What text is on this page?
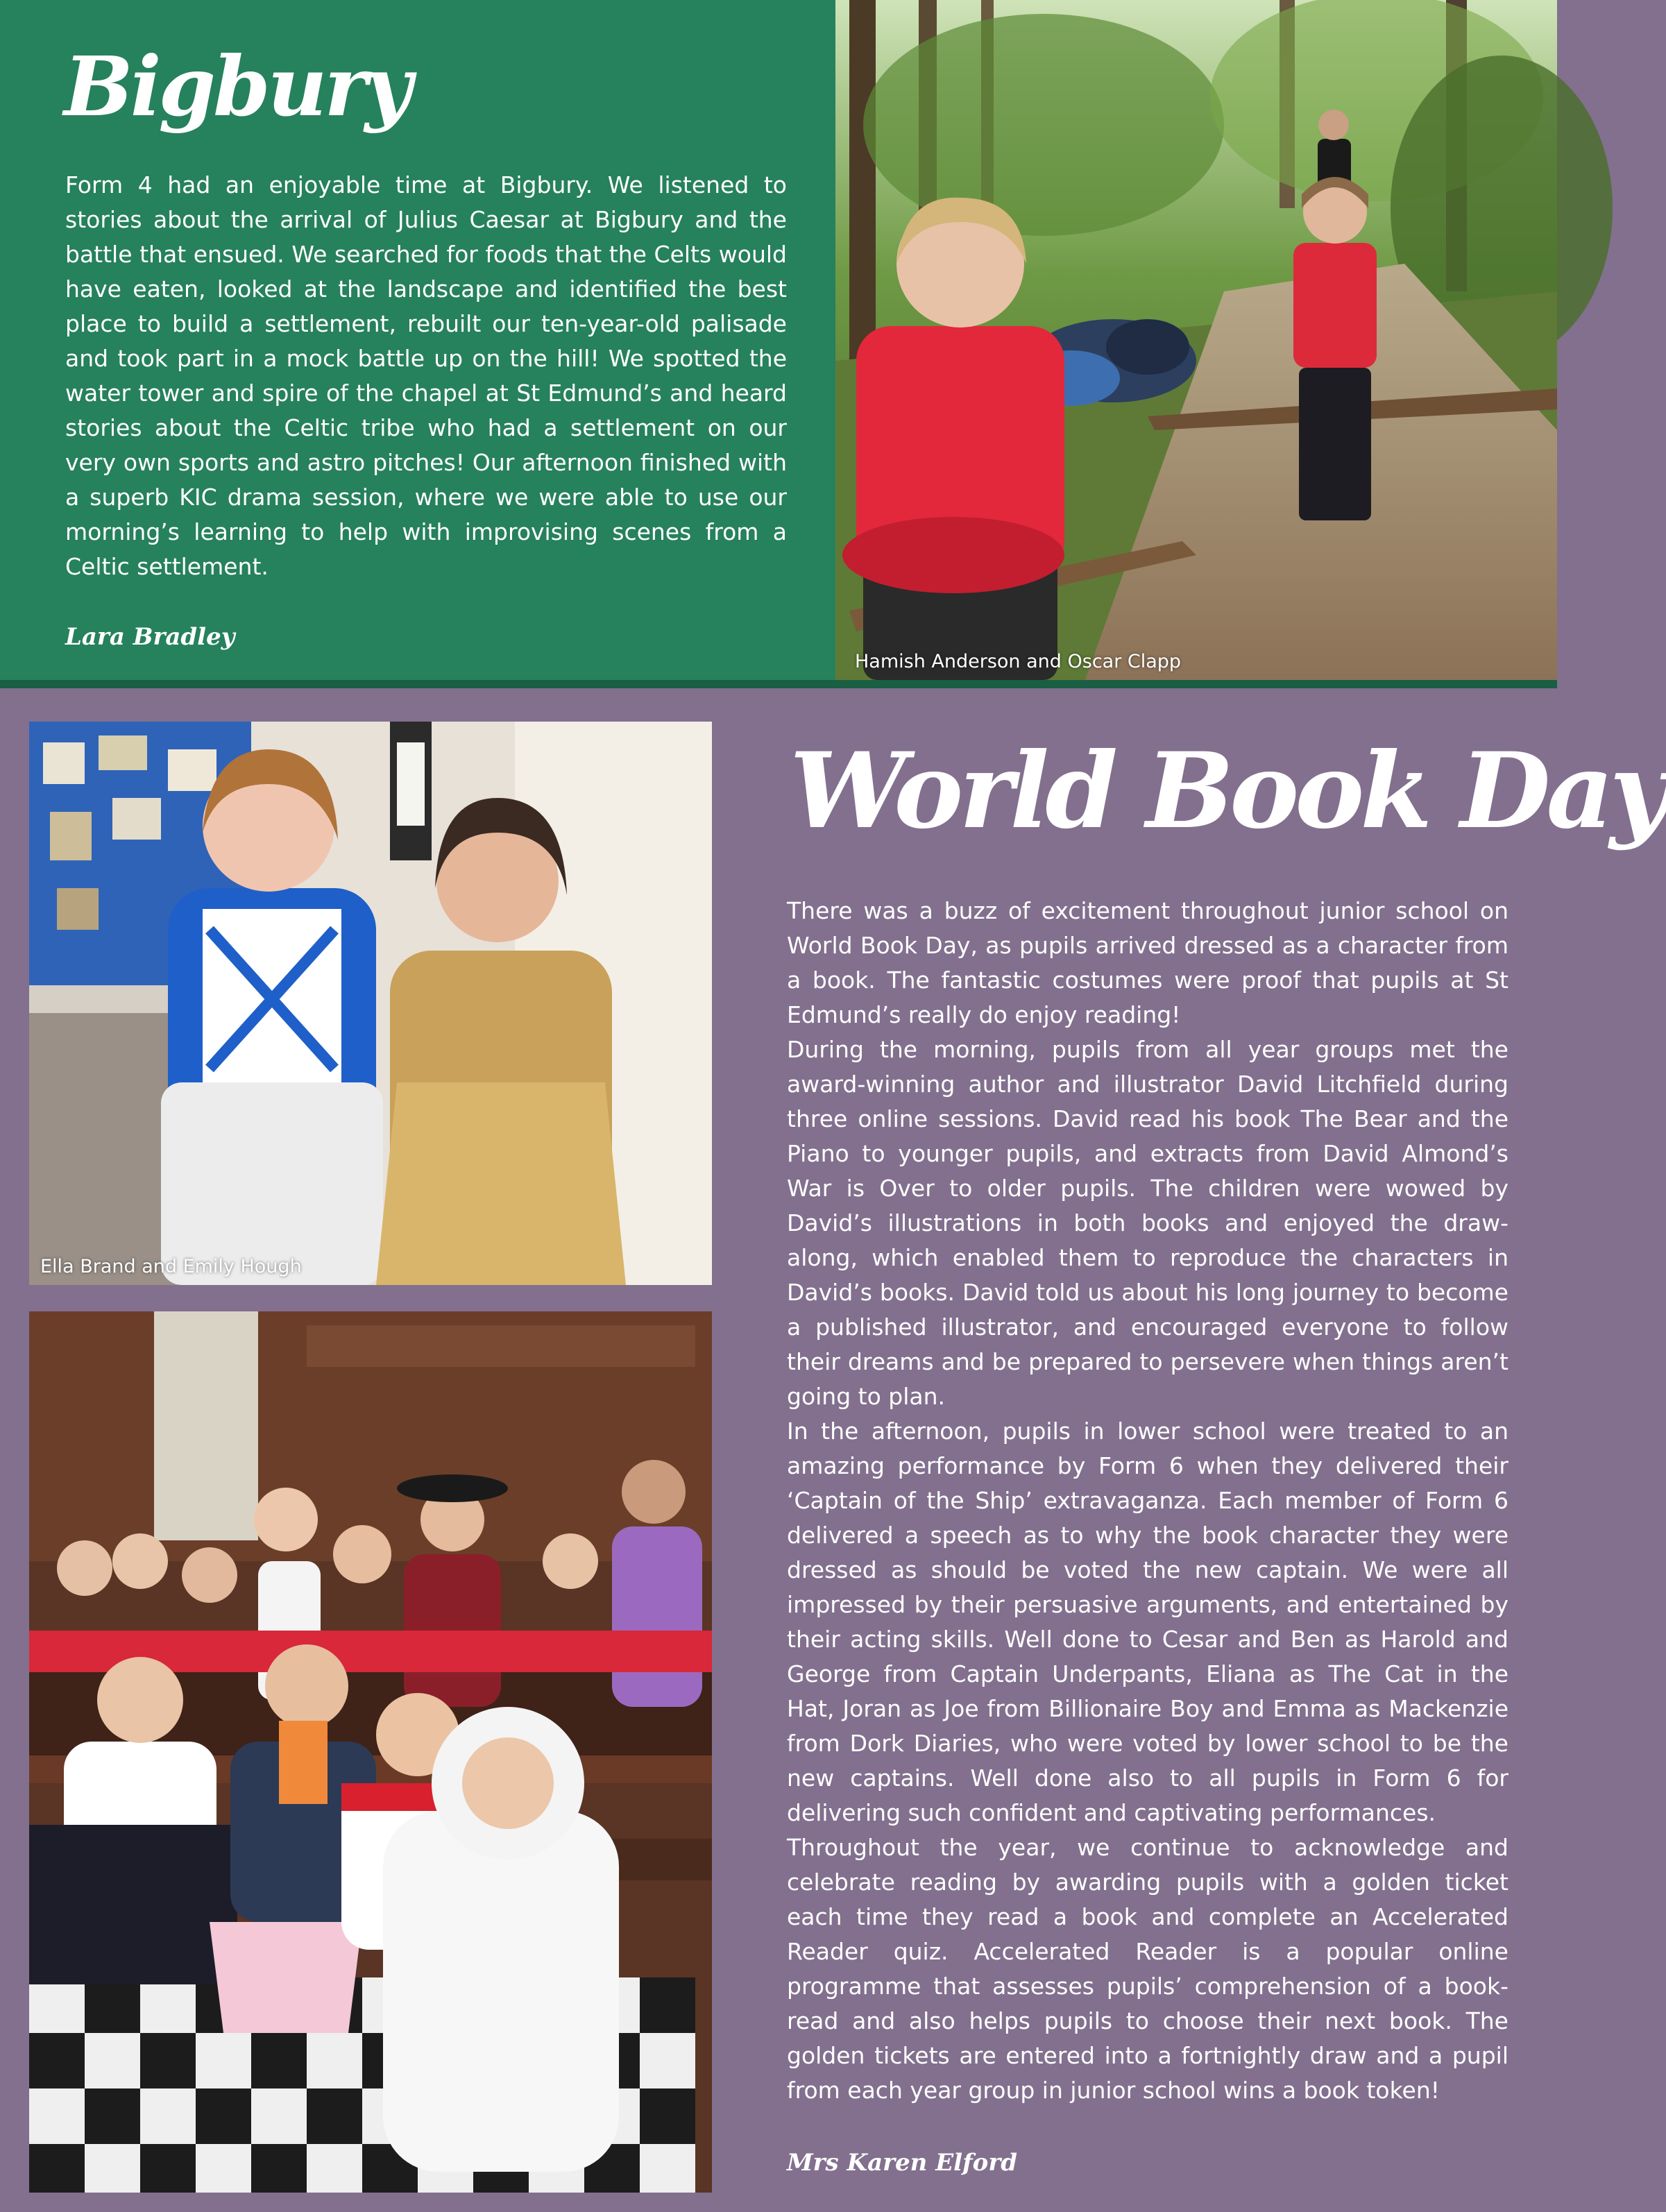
Bigbury

Form 4 had an enjoyable time at Bigbury. We listened to stories about the arrival of Julius Caesar at Bigbury and the battle that ensued. We searched for foods that the Celts would have eaten, looked at the landscape and identified the best place to build a settlement, rebuilt our ten-year-old palisade and took part in a mock battle up on the hill! We spotted the water tower and spire of the chapel at St Edmund’s and heard stories about the Celtic tribe who had a settlement on our very own sports and astro pitches! Our afternoon finished with a superb KIC drama session, where we were able to use our morning’s learning to help with improvising scenes from a Celtic settlement.

Lara Bradley
Hamish Anderson and Oscar Clapp
Ella Brand and Emily Hough
World Book Day

There was a buzz of excitement throughout junior school on World Book Day, as pupils arrived dressed as a character from a book. The fantastic costumes were proof that pupils at St Edmund’s really do enjoy reading!

During the morning, pupils from all year groups met the award-winning author and illustrator David Litchfield during three online sessions. David read his book The Bear and the Piano to younger pupils, and extracts from David Almond’s War is Over to older pupils. The children were wowed by David’s illustrations in both books and enjoyed the draw-along, which enabled them to reproduce the characters in David’s books. David told us about his long journey to become a published illustrator, and encouraged everyone to follow their dreams and be prepared to persevere when things aren’t going to plan.

In the afternoon, pupils in lower school were treated to an amazing performance by Form 6 when they delivered their ‘Captain of the Ship’ extravaganza. Each member of Form 6 delivered a speech as to why the book character they were dressed as should be voted the new captain. We were all impressed by their persuasive arguments, and entertained by their acting skills. Well done to Cesar and Ben as Harold and George from Captain Underpants, Eliana as The Cat in the Hat, Joran as Joe from Billionaire Boy and Emma as Mackenzie from Dork Diaries, who were voted by lower school to be the new captains. Well done also to all pupils in Form 6 for delivering such confident and captivating performances.

Throughout the year, we continue to acknowledge and celebrate reading by awarding pupils with a golden ticket each time they read a book and complete an Accelerated Reader quiz. Accelerated Reader is a popular online programme that assesses pupils’ comprehension of a book-read and also helps pupils to choose their next book. The golden tickets are entered into a fortnightly draw and a pupil from each year group in junior school wins a book token!

Mrs Karen Elford
